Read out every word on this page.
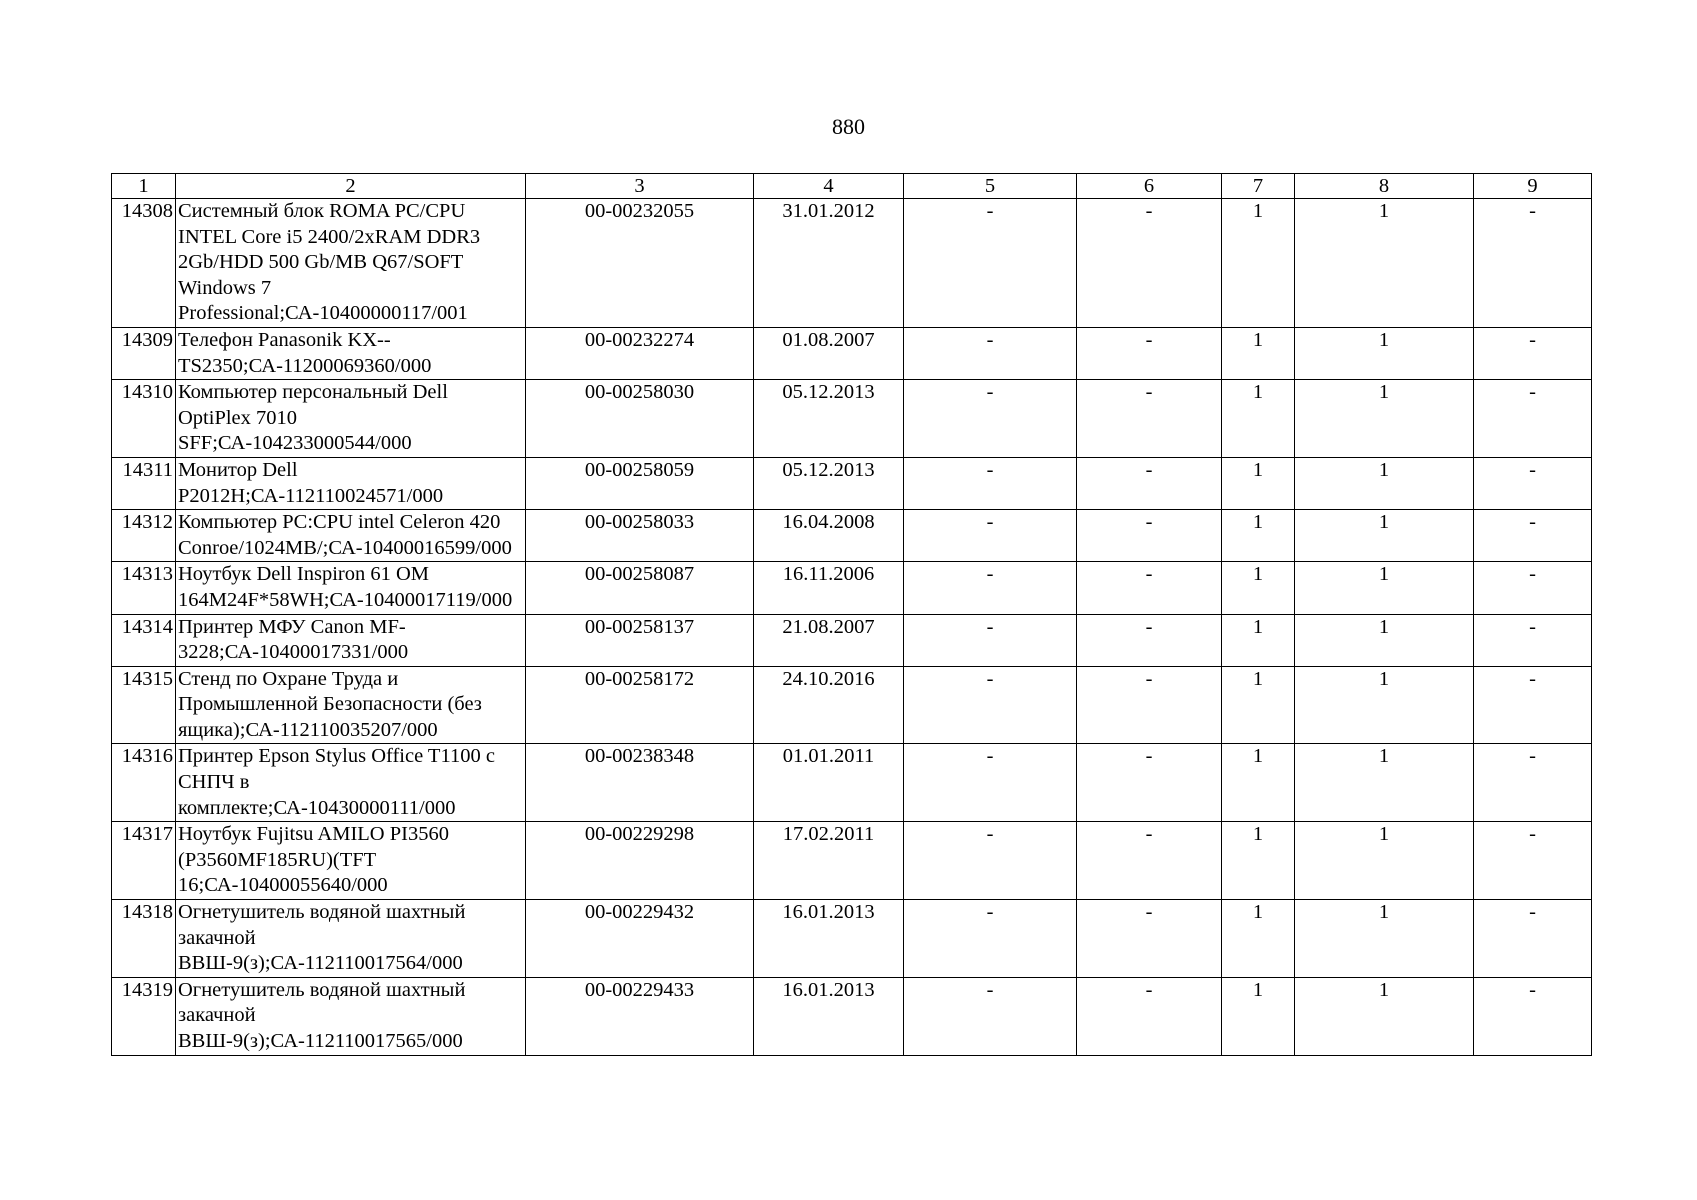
880
1	2	3	4	5	6	7	8	9
14308	Системный блок ROMA PC/CPU INTEL Core i5 2400/2xRAM DDR3 2Gb/HDD 500 Gb/MB Q67/SOFT Windows 7 Professional;СА-10400000117/001	00-00232055	31.01.2012	-	-	1	1	-
14309	Телефон Panasonik KX--TS2350;СА-11200069360/000	00-00232274	01.08.2007	-	-	1	1	-
14310	Компьютер персональный Dell OptiPlex 7010 SFF;СА-104233000544/000	00-00258030	05.12.2013	-	-	1	1	-
14311	Монитор Dell P2012H;СА-112110024571/000	00-00258059	05.12.2013	-	-	1	1	-
14312	Компьютер PC:CPU intel Celeron 420 Conroe/1024MB/;СА-10400016599/000	00-00258033	16.04.2008	-	-	1	1	-
14313	Ноутбук Dell Inspiron 61 OM 164M24F*58WH;СА-10400017119/000	00-00258087	16.11.2006	-	-	1	1	-
14314	Принтер МФУ Canon MF-3228;СА-10400017331/000	00-00258137	21.08.2007	-	-	1	1	-
14315	Стенд по Охране Труда и Промышленной Безопасности (без ящика);СА-112110035207/000	00-00258172	24.10.2016	-	-	1	1	-
14316	Принтер Epson Stylus Office T1100 с СНПЧ в комплекте;СА-10430000111/000	00-00238348	01.01.2011	-	-	1	1	-
14317	Ноутбук Fujitsu AMILO PI3560 (P3560MF185RU)(TFT 16;СА-10400055640/000	00-00229298	17.02.2011	-	-	1	1	-
14318	Огнетушитель водяной шахтный закачной ВВШ-9(з);СА-112110017564/000	00-00229432	16.01.2013	-	-	1	1	-
14319	Огнетушитель водяной шахтный закачной ВВШ-9(з);СА-112110017565/000	00-00229433	16.01.2013	-	-	1	1	-
